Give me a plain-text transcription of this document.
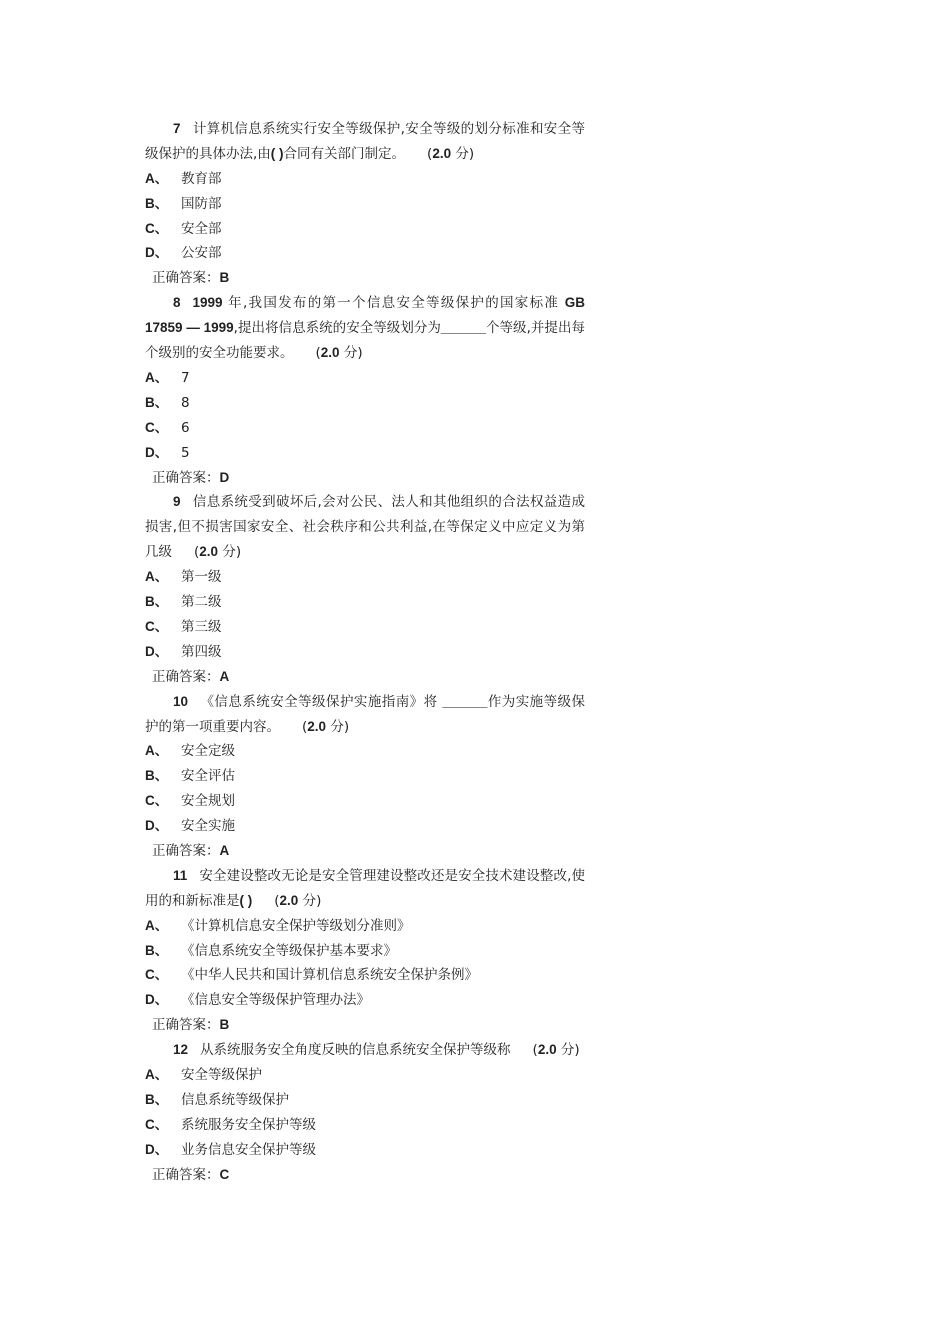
7 计算机信息系统实行安全等级保护,安全等级的划分标准和安全等级保护的具体办法,由( )合同有关部门制定。 (2.0 分)

A、 教育部
B、 国防部
C、 安全部
D、 公安部

正确答案：B

8 1999 年,我国发布的第一个信息安全等级保护的国家标准 GB 17859 — 1999,提出将信息系统的安全等级划分为______个等级,并提出每个级别的安全功能要求。 (2.0 分)

A、 7
B、 8
C、 6
D、 5

正确答案：D

9 信息系统受到破坏后,会对公民、法人和其他组织的合法权益造成损害,但不损害国家安全、社会秩序和公共利益,在等保定义中应定义为第几级 (2.0 分)

A、 第一级
B、 第二级
C、 第三级
D、 第四级

正确答案：A

10 《信息系统安全等级保护实施指南》将 ______作为实施等级保护的第一项重要内容。 (2.0 分)

A、 安全定级
B、 安全评估
C、 安全规划
D、 安全实施

正确答案：A

11 安全建设整改无论是安全管理建设整改还是安全技术建设整改,使用的和新标准是( ) (2.0 分)

A、 《计算机信息安全保护等级划分准则》
B、 《信息系统安全等级保护基本要求》
C、 《中华人民共和国计算机信息系统安全保护条例》
D、 《信息安全等级保护管理办法》

正确答案：B

12 从系统服务安全角度反映的信息系统安全保护等级称 (2.0 分)

A、 安全等级保护
B、 信息系统等级保护
C、 系统服务安全保护等级
D、 业务信息安全保护等级

正确答案：C
